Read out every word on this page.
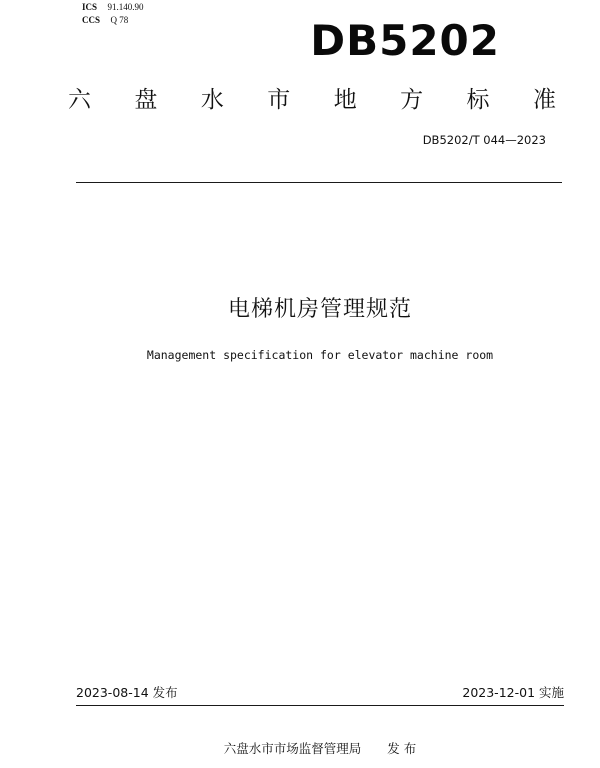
ICS 91.140.90
CCS Q 78	DB5202
六 盘 水 市 地 方 标 准
DB5202/T 044—2023
电梯机房管理规范
Management specification for elevator machine room
2023-08-14 发布	2023-12-01 实施
六盘水市市场监督管理局 发 布
